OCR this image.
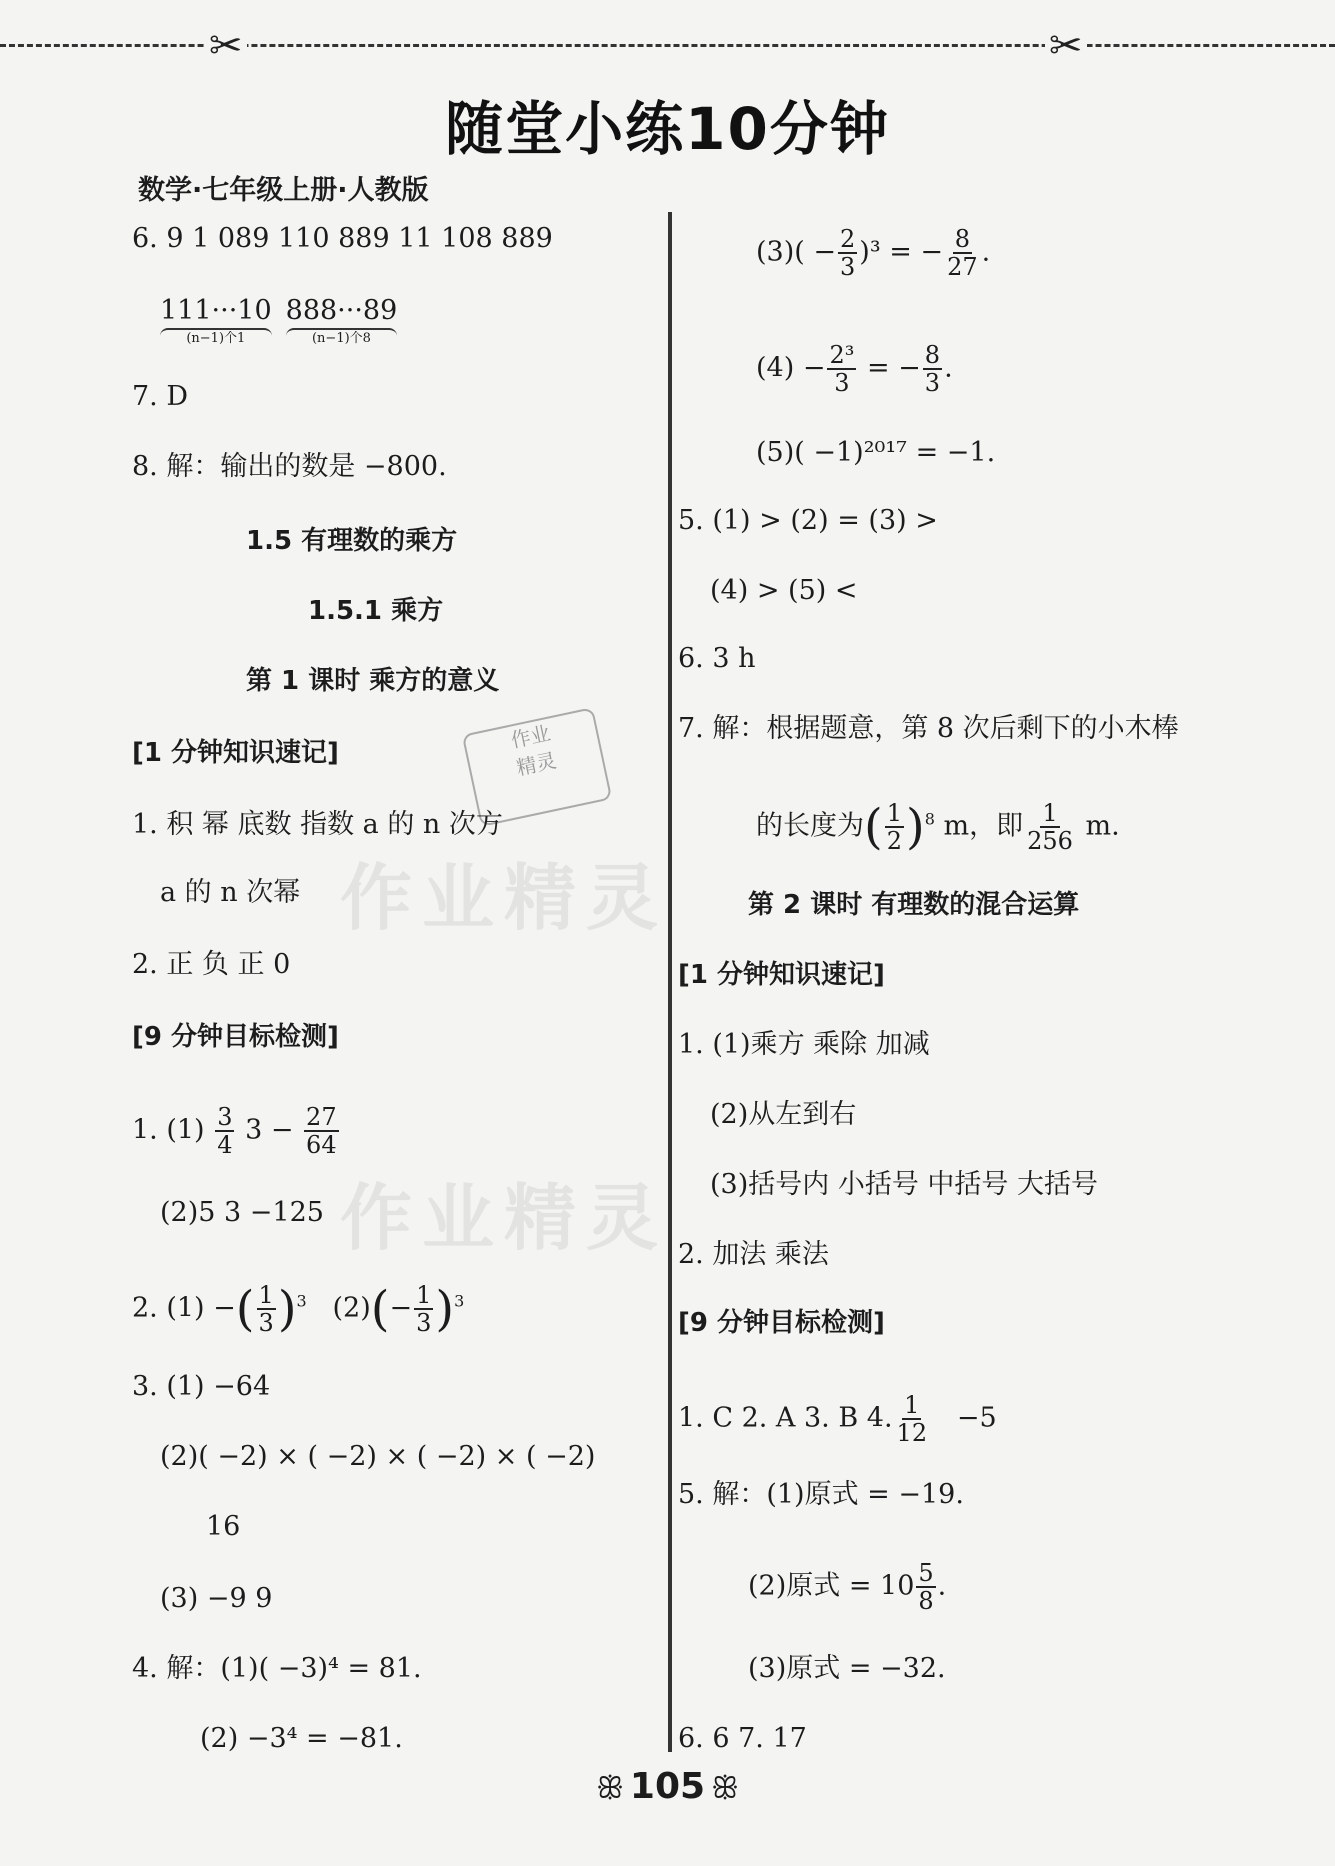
✂	✂
随堂小练10分钟
数学·七年级上册·人教版
作业精灵
作业精灵
作业
精灵
6. 9 1 089 110 889 11 108 889
111···10
(n−1)个1
888···89
(n−1)个8
7. D
8. 解：输出的数是 −800.
1.5 有理数的乘方
1.5.1 乘方
第 1 课时 乘方的意义
[1 分钟知识速记]
1. 积 幂 底数 指数 a 的 n 次方
a 的 n 次幂
2. 正 负 正 0
[9 分钟目标检测]
1. $(1) \frac{3}{4} 3 - \frac{27}{64}$
(2)5 3 −125
2. (1) −( $\frac{1}{3} )^3$ $(2)(- \frac{1}{3} )^3$
3. (1) −64
(2)( −2) × ( −2) × ( −2) × ( −2)
16
(3) −9 9
4. 解：(1)( −3)⁴ = 81.
(2) −3⁴ = −81.
$(3)( - \frac{2}{3} )^3$ = − $\frac{8}{27}$ .
$(4) - \frac{\text{2³}}{3}$ = − $\frac{8}{3}$ .
(5)( −1)²⁰¹⁷ = −1.
5. (1) > (2) = (3) >
(4) > (5) <
6. 3 h
7. 解：根据题意，第 8 次后剩下的小木棒
的长度为( $\frac{1}{2} )^8$ m，即 $\frac{1}{256} m$.
第 2 课时 有理数的混合运算
[1 分钟知识速记]
1. (1)乘方 乘除 加减
(2)从左到右
(3)括号内 小括号 中括号 大括号
2. 加法 乘法
[9 分钟目标检测]
1. C 2. A 3. B 4. $\frac{1}{12} -5$
5. 解：(1)原式 = −19.
(2)原式 = $10 \frac{5}{8}$ .
(3)原式 = −32.
6. 6 7. 17
ꕥ 105 ꕥ
